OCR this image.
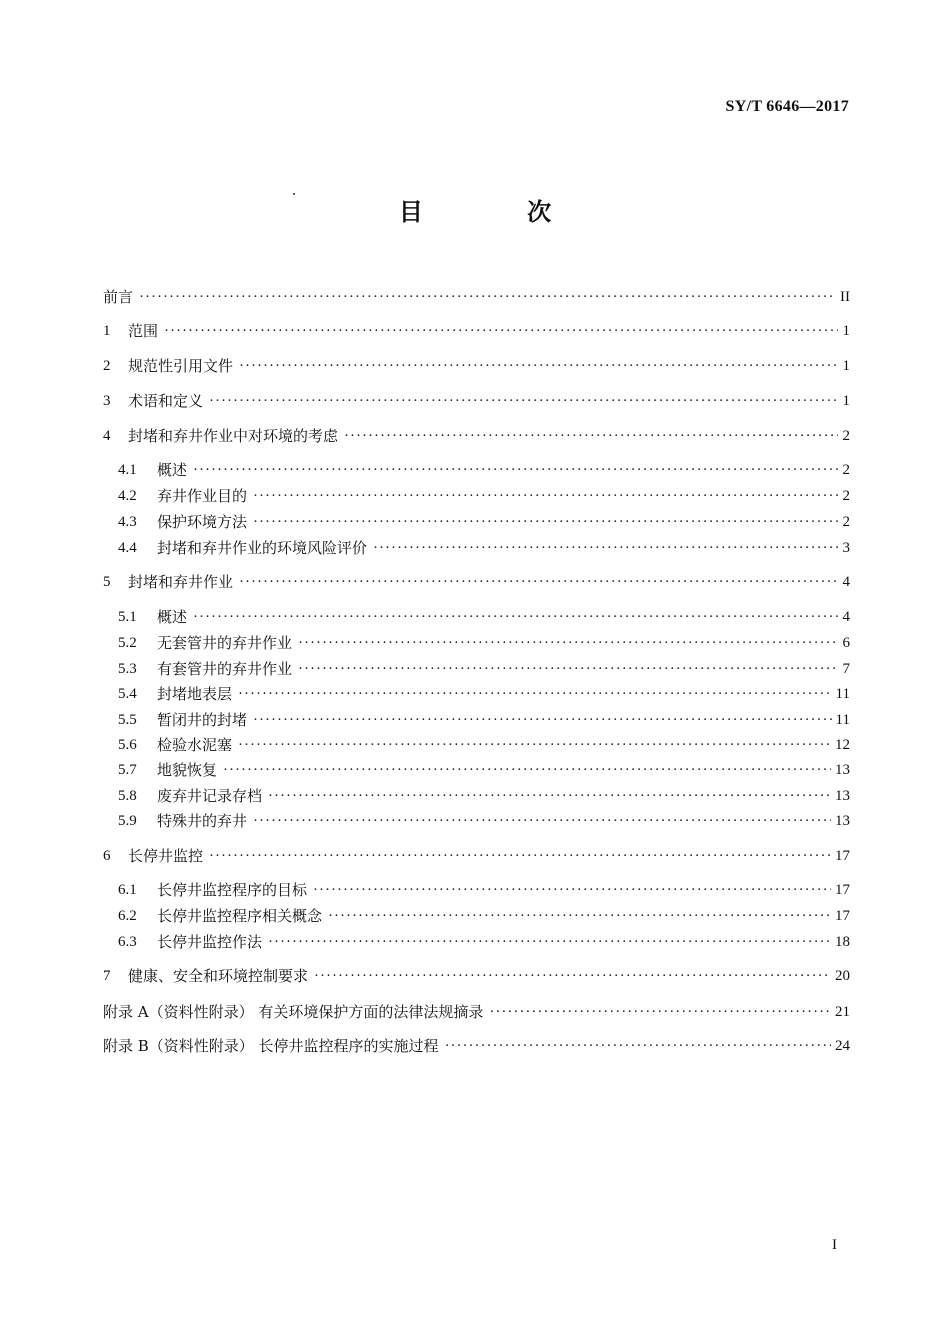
SY/T 6646—2017
目 次
前言 ·····	II
1	范围 ·····	1
2	规范性引用文件 ·····	1
3	术语和定义 ·····	1
4	封堵和弃井作业中对环境的考虑 ·····	2
4.1	概述 ·····	2
4.2	弃井作业目的 ·····	2
4.3	保护环境方法 ·····	2
4.4	封堵和弃井作业的环境风险评价 ·····	3
5	封堵和弃井作业 ·····	4
5.1	概述 ·····	4
5.2	无套管井的弃井作业 ·····	6
5.3	有套管井的弃井作业 ·····	7
5.4	封堵地表层 ·····	11
5.5	暂闭井的封堵 ·····	11
5.6	检验水泥塞 ·····	12
5.7	地貌恢复 ·····	13
5.8	废弃井记录存档 ·····	13
5.9	特殊井的弃井 ·····	13
6	长停井监控 ·····	17
6.1	长停井监控程序的目标 ·····	17
6.2	长停井监控程序相关概念 ·····	17
6.3	长停井监控作法 ·····	18
7	健康、安全和环境控制要求 ·····	20
附录 A（资料性附录） 有关环境保护方面的法律法规摘录 ·····	21
附录 B（资料性附录） 长停井监控程序的实施过程 ·····	24
I
